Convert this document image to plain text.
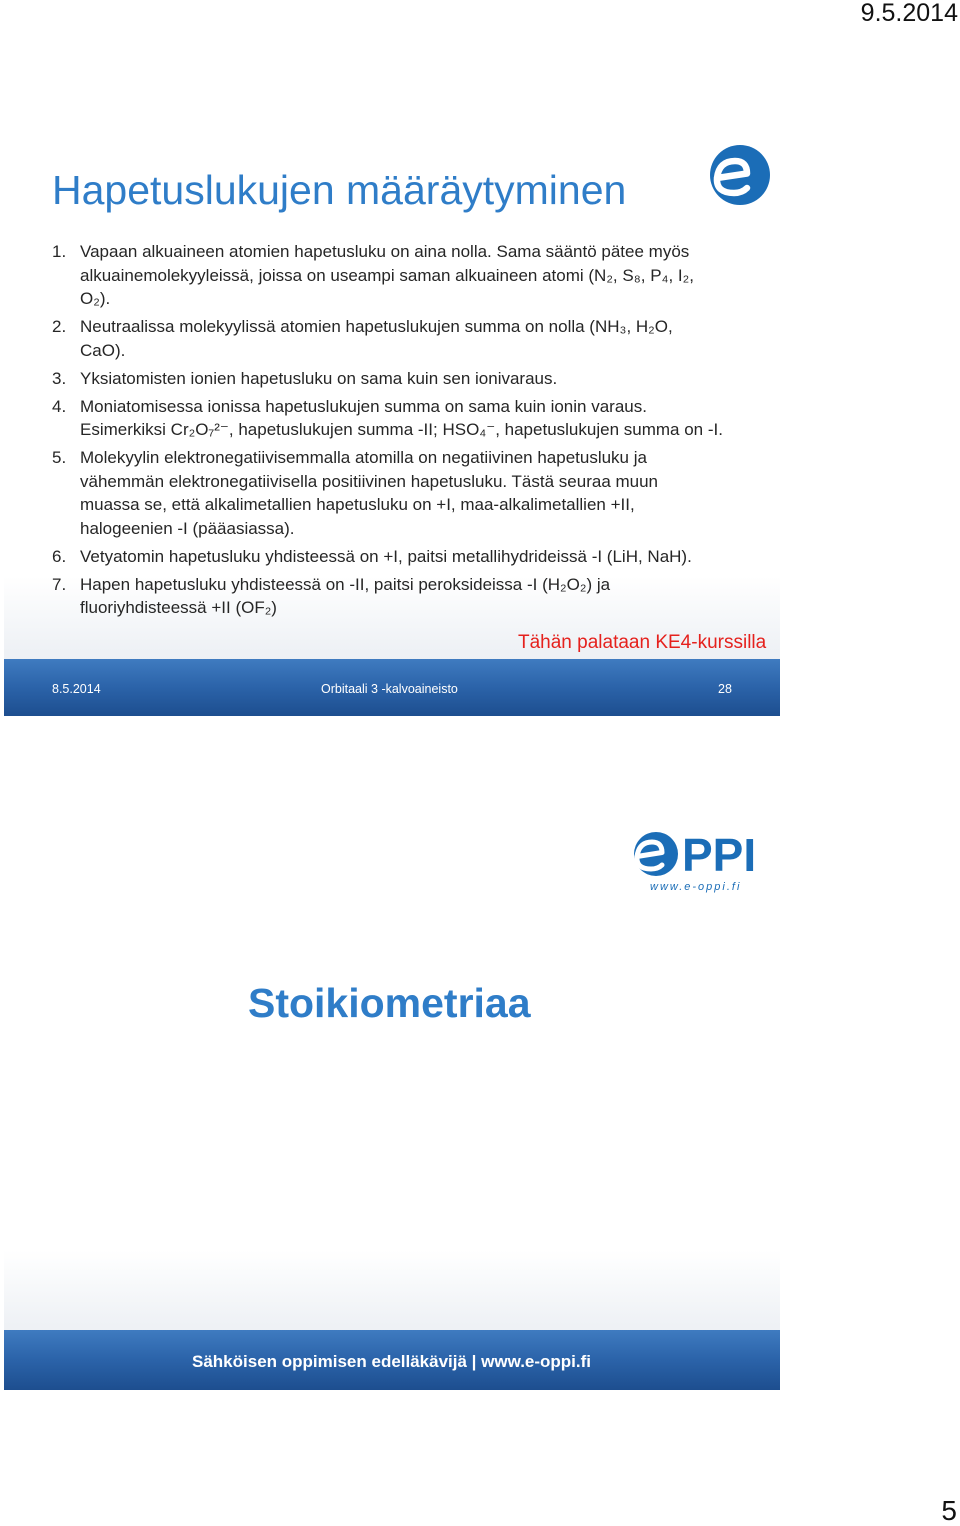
9.5.2014
Hapetuslukujen määräytyminen
1. Vapaan alkuaineen atomien hapetusluku on aina nolla. Sama sääntö pätee myös
alkuainemolekyyleissä, joissa on useampi saman alkuaineen atomi (N₂, S₈, P₄, I₂,
O₂).
2. Neutraalissa molekyylissä atomien hapetuslukujen summa on nolla (NH₃, H₂O,
CaO).
3. Yksiatomisten ionien hapetusluku on sama kuin sen ionivaraus.
4. Moniatomisessa ionissa hapetuslukujen summa on sama kuin ionin varaus.
Esimerkiksi Cr₂O₇²⁻, hapetuslukujen summa -II; HSO₄⁻, hapetuslukujen summa on -I.
5. Molekyylin elektronegatiivisemmalla atomilla on negatiivinen hapetusluku ja
vähemmän elektronegatiivisella positiivinen hapetusluku. Tästä seuraa muun
muassa se, että alkalimetallien hapetusluku on +I, maa-alkalimetallien +II,
halogeenien -I (pääasiassa).
6. Vetyatomin hapetusluku yhdisteessä on +I, paitsi metallihydrideissä -I (LiH, NaH).
7. Hapen hapetusluku yhdisteessä on -II, paitsi peroksideissa -I (H₂O₂) ja
fluoriyhdisteessä +II (OF₂)
Tähän palataan KE4-kurssilla
8.5.2014	Orbitaali 3 -kalvoaineisto	28
PPI
www.e-oppi.fi
Stoikiometriaa
Sähköisen oppimisen edelläkävijä | www.e-oppi.fi
5
